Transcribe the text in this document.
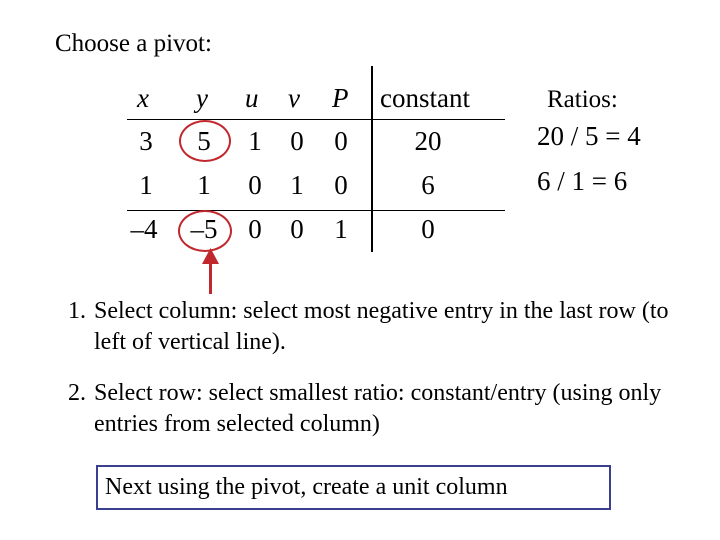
Choose a pivot:
x y u v P constant
3	5	1	0	0	20
1	1	0	1	0	6
–4	–5	0	0	1	0
Ratios:
20 / 5 = 4
6 / 1 = 6
1. Select column: select most negative entry in the last row (to left of vertical line).
2. Select row: select smallest ratio: constant/entry (using only entries from selected column)
Next using the pivot, create a unit column
